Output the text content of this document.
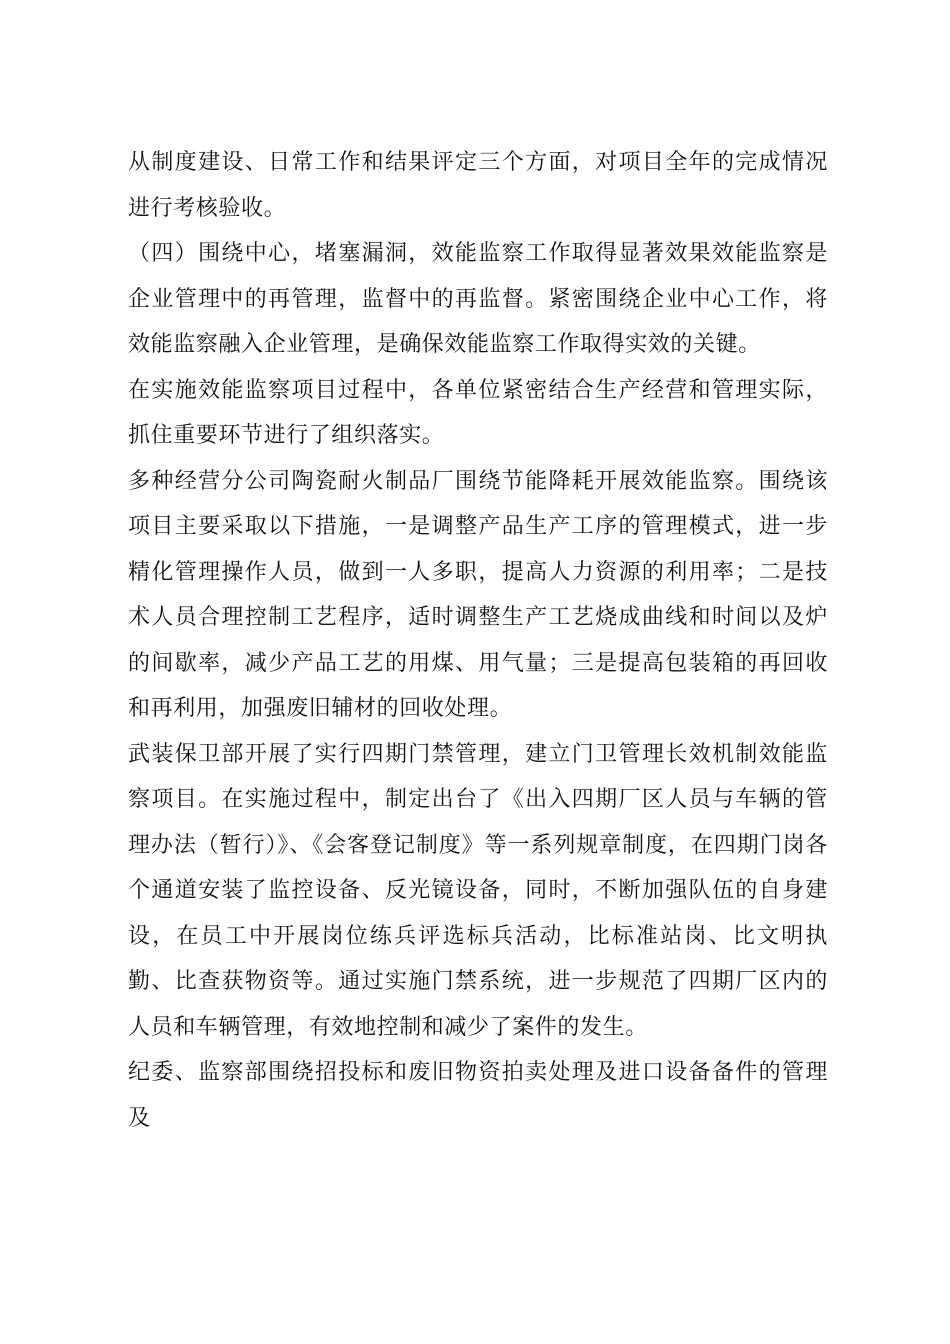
从制度建设、日常工作和结果评定三个方面，对项目全年的完成情况进行考核验收。

（四）围绕中心，堵塞漏洞，效能监察工作取得显著效果效能监察是企业管理中的再管理，监督中的再监督。紧密围绕企业中心工作，将效能监察融入企业管理，是确保效能监察工作取得实效的关键。

在实施效能监察项目过程中，各单位紧密结合生产经营和管理实际，抓住重要环节进行了组织落实。

多种经营分公司陶瓷耐火制品厂围绕节能降耗开展效能监察。围绕该项目主要采取以下措施，一是调整产品生产工序的管理模式，进一步精化管理操作人员，做到一人多职，提高人力资源的利用率；二是技术人员合理控制工艺程序，适时调整生产工艺烧成曲线和时间以及炉的间歇率，减少产品工艺的用煤、用气量；三是提高包装箱的再回收和再利用，加强废旧辅材的回收处理。

武装保卫部开展了实行四期门禁管理，建立门卫管理长效机制效能监察项目。在实施过程中，制定出台了《出入四期厂区人员与车辆的管理办法（暂行）》、《会客登记制度》等一系列规章制度，在四期门岗各个通道安装了监控设备、反光镜设备，同时，不断加强队伍的自身建设，在员工中开展岗位练兵评选标兵活动，比标准站岗、比文明执勤、比查获物资等。通过实施门禁系统，进一步规范了四期厂区内的人员和车辆管理，有效地控制和减少了案件的发生。

纪委、监察部围绕招投标和废旧物资拍卖处理及进口设备备件的管理及
